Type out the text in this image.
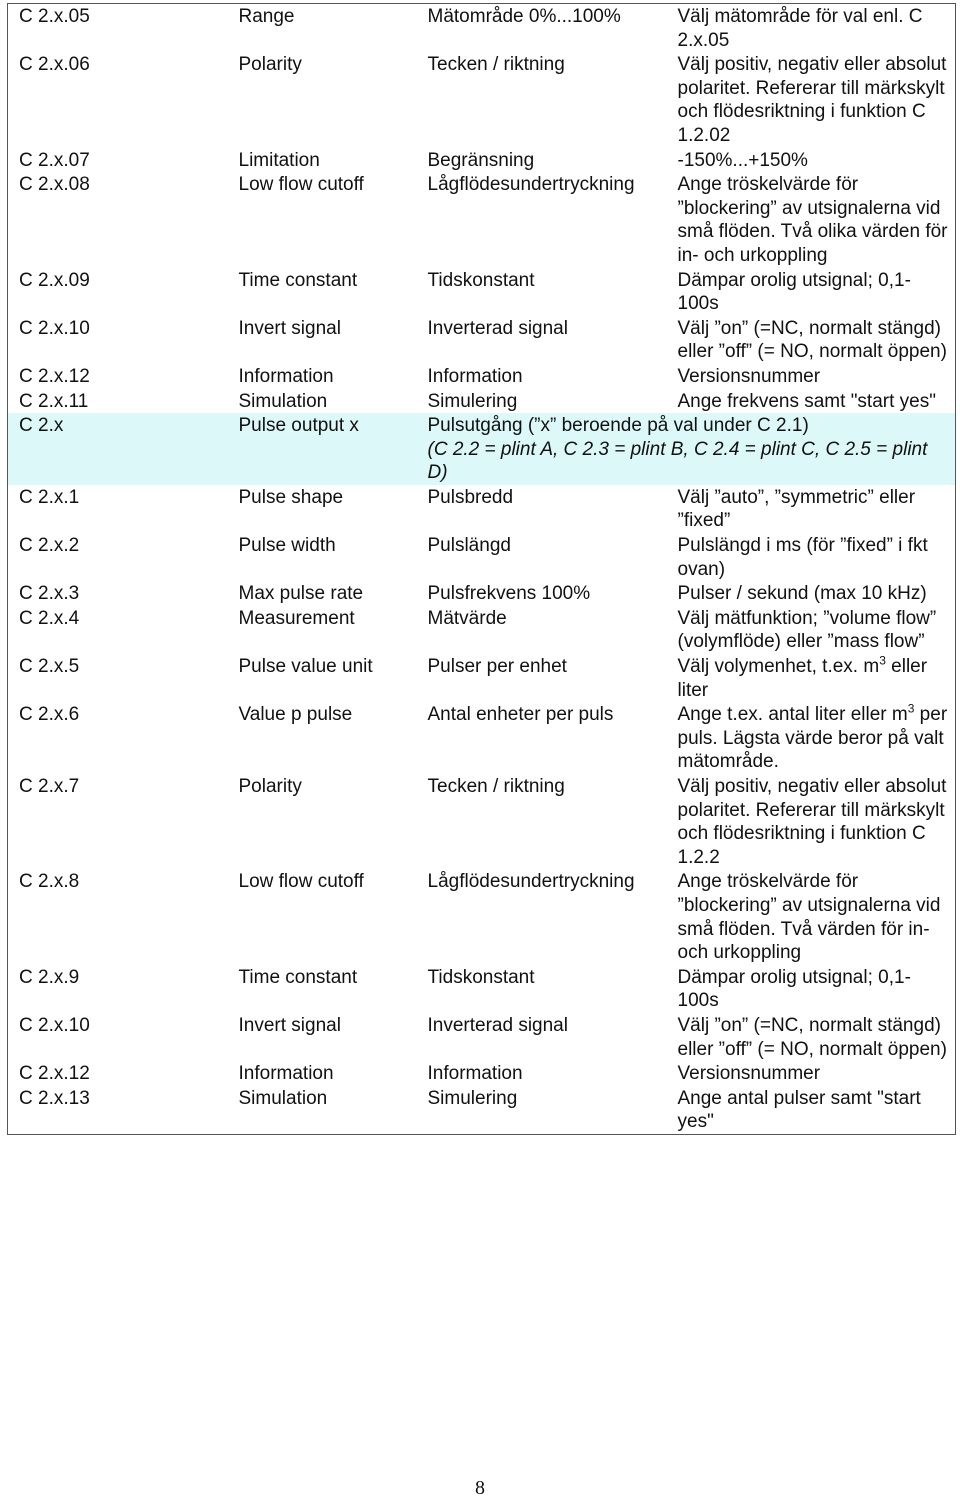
C 2.x.05	Range	Mätområde 0%...100%	Välj mätområde för val enl. C 2.x.05
C 2.x.06	Polarity	Tecken / riktning	Välj positiv, negativ eller absolut polaritet. Refererar till märkskylt och flödesriktning i funktion C 1.2.02
C 2.x.07	Limitation	Begränsning	-150%...+150%
C 2.x.08	Low flow cutoff	Lågflödesundertryckning	Ange tröskelvärde för ”blockering” av utsignalerna vid små flöden. Två olika värden för in- och urkoppling
C 2.x.09	Time constant	Tidskonstant	Dämpar orolig utsignal; 0,1-100s
C 2.x.10	Invert signal	Inverterad signal	Välj ”on” (=NC, normalt stängd) eller ”off” (= NO, normalt öppen)
C 2.x.12	Information	Information	Versionsnummer
C 2.x.11	Simulation	Simulering	Ange frekvens samt "start yes"
C 2.x	Pulse output x	Pulsutgång (”x” beroende på val under C 2.1)
(C 2.2 = plint A, C 2.3 = plint B, C 2.4 = plint C, C 2.5 = plint D)	

C 2.x.1	Pulse shape	Pulsbredd	Välj ”auto”, ”symmetric” eller ”fixed”
C 2.x.2	Pulse width	Pulslängd	Pulslängd i ms (för ”fixed” i fkt ovan)
C 2.x.3	Max pulse rate	Pulsfrekvens 100%	Pulser / sekund (max 10 kHz)
C 2.x.4	Measurement	Mätvärde	Välj mätfunktion; ”volume flow” (volymflöde) eller ”mass flow”
C 2.x.5	Pulse value unit	Pulser per enhet	Välj volymenhet, t.ex. $m^3$ eller liter
C 2.x.6	Value p pulse	Antal enheter per puls	Ange t.ex. antal liter eller $m^3$ per puls. Lägsta värde beror på valt mätområde.
C 2.x.7	Polarity	Tecken / riktning	Välj positiv, negativ eller absolut polaritet. Refererar till märkskylt och flödesriktning i funktion C 1.2.2
C 2.x.8	Low flow cutoff	Lågflödesundertryckning	Ange tröskelvärde för ”blockering” av utsignalerna vid små flöden. Två värden för in- och urkoppling
C 2.x.9	Time constant	Tidskonstant	Dämpar orolig utsignal; 0,1-100s
C 2.x.10	Invert signal	Inverterad signal	Välj ”on” (=NC, normalt stängd) eller ”off” (= NO, normalt öppen)
C 2.x.12	Information	Information	Versionsnummer
C 2.x.13	Simulation	Simulering	Ange antal pulser samt "start yes"
8
